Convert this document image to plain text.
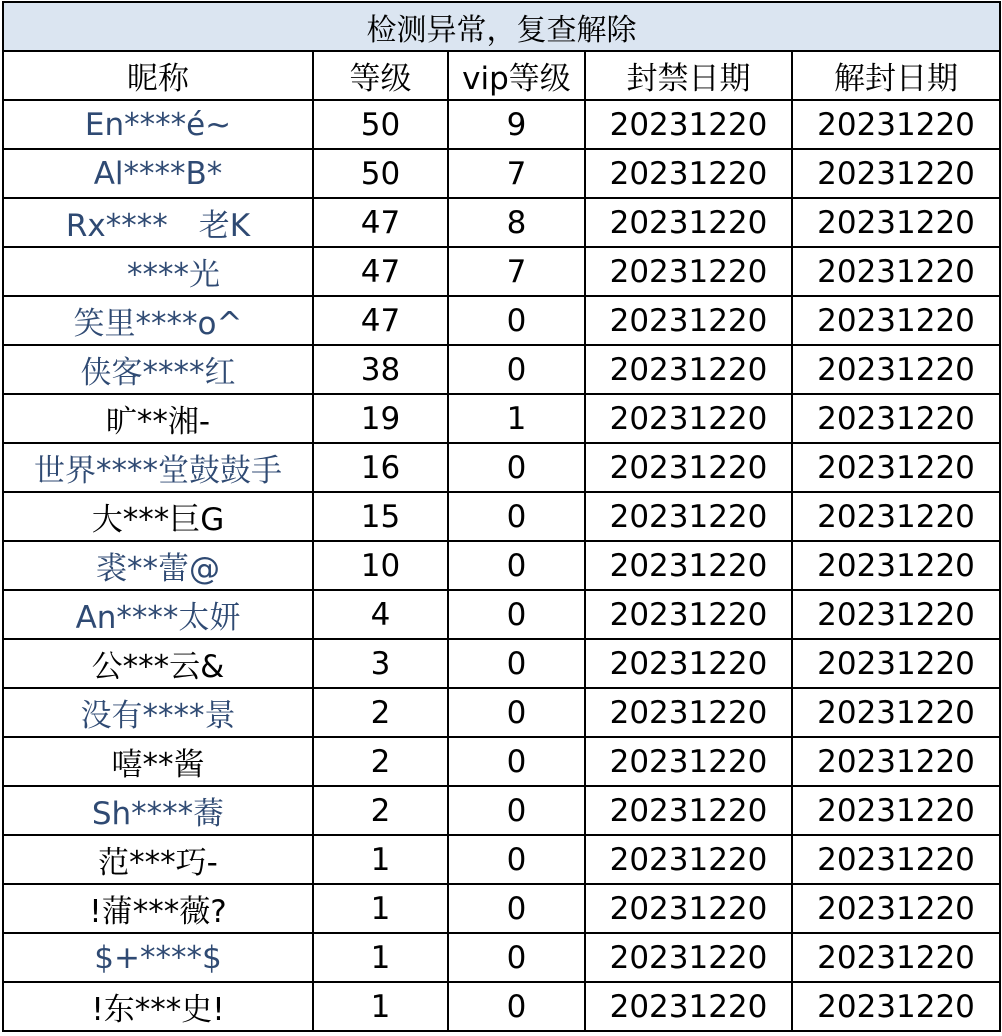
检测异常，复查解除				
昵称	等级	vip等级	封禁日期	解封日期
En****é~	50	9	20231220	20231220
Al****B*	50	7	20231220	20231220
Rx****　老K	47	8	20231220	20231220
　****光	47	7	20231220	20231220
笑里****o^	47	0	20231220	20231220
侠客****红	38	0	20231220	20231220
旷**湘-	19	1	20231220	20231220
世界****堂鼓鼓手	16	0	20231220	20231220
大***巨G	15	0	20231220	20231220
裘**蕾@	10	0	20231220	20231220
An****太妍	4	0	20231220	20231220
公***云&	3	0	20231220	20231220
没有****景	2	0	20231220	20231220
嘻**酱	2	0	20231220	20231220
Sh****蕎	2	0	20231220	20231220
范***巧-	1	0	20231220	20231220
!蒲***薇?	1	0	20231220	20231220
$+****$	1	0	20231220	20231220
!东***史!	1	0	20231220	20231220
